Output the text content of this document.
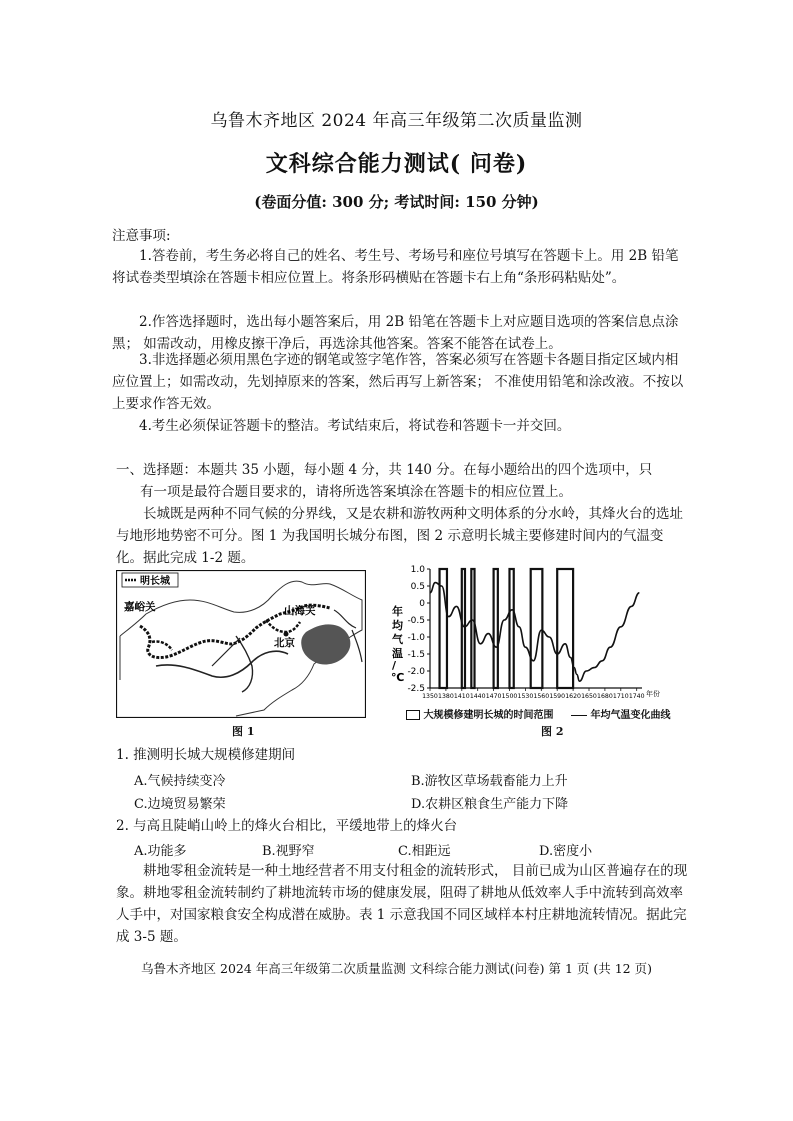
乌鲁木齐地区 2024 年高三年级第二次质量监测
文科综合能力测试( 问卷)
(卷面分值: 300 分; 考试时间: 150 分钟)
注意事项:
1.答卷前，考生务必将自己的姓名、考生号、考场号和座位号填写在答题卡上。用 2B 铅笔将试卷类型填涂在答题卡相应位置上。将条形码横贴在答题卡右上角“条形码粘贴处”。
2.作答选择题时，选出每小题答案后，用 2B 铅笔在答题卡上对应题目选项的答案信息点涂黑； 如需改动，用橡皮擦干净后，再选涂其他答案。答案不能答在试卷上。
3.非选择题必须用黑色字迹的钢笔或签字笔作答，答案必须写在答题卡各题目指定区域内相应位置上；如需改动，先划掉原来的答案，然后再写上新答案； 不准使用铅笔和涂改液。不按以上要求作答无效。
4.考生必须保证答题卡的整洁。考试结束后，将试卷和答题卡一并交回。
一、选择题：本题共 35 小题，每小题 4 分，共 140 分。在每小题给出的四个选项中，只
有一项是最符合题目要求的，请将所选答案填涂在答题卡的相应位置上。
长城既是两种不同气候的分界线，又是农耕和游牧两种文明体系的分水岭，其烽火台的选址与地形地势密不可分。图 1 为我国明长城分布图，图 2 示意明长城主要修建时间内的气温变化。据此完成 1-2 题。
明长城
嘉峪关	山海关
北京
图 1
年
均
气
温
/
℃
1.0
0.5
0
-0.5
-1.0
-1.5
-2.0
-2.5
1350 1380 1410 1440 1470 1500 1530 1560 1590 1620 1650 1680 1710 1740 年份
大规模修建明长城的时间范围	年均气温变化曲线
图 2
1. 推测明长城大规模修建期间
A.气候持续变冷	B.游牧区草场载畜能力上升
C.边境贸易繁荣	D.农耕区粮食生产能力下降
2. 与高且陡峭山岭上的烽火台相比，平缓地带上的烽火台
A.功能多	B.视野窄	C.相距远	D.密度小
耕地零租金流转是一种土地经营者不用支付租金的流转形式， 目前已成为山区普遍存在的现象。耕地零租金流转制约了耕地流转市场的健康发展，阻碍了耕地从低效率人手中流转到高效率人手中，对国家粮食安全构成潜在威胁。表 1 示意我国不同区域样本村庄耕地流转情况。据此完成 3-5 题。
乌鲁木齐地区 2024 年高三年级第二次质量监测 文科综合能力测试(问卷) 第 1 页 (共 12 页)
